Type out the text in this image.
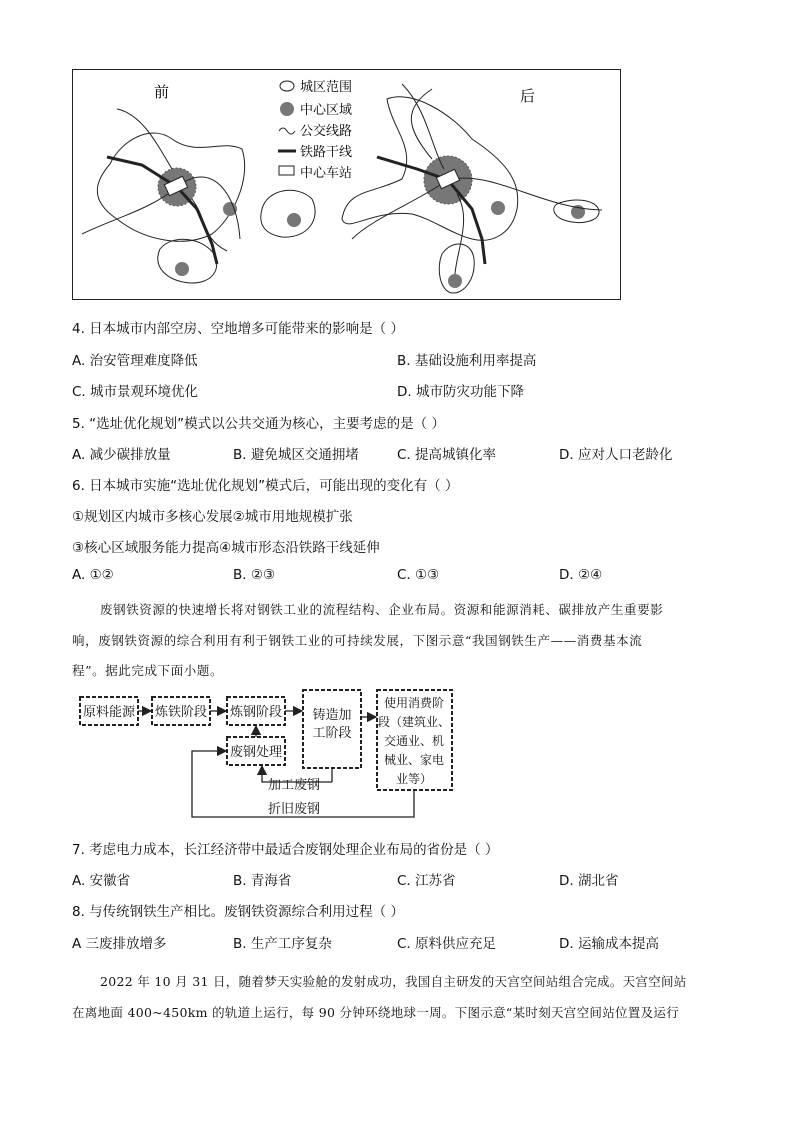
前	后
城区范围
中心区域
公交线路
铁路干线
中心车站
4. 日本城市内部空房、空地增多可能带来的影响是（ ）
A. 治安管理难度降低	B. 基础设施利用率提高
C. 城市景观环境优化	D. 城市防灾功能下降
5. “选址优化规划”模式以公共交通为核心，主要考虑的是（ ）
A. 减少碳排放量	B. 避免城区交通拥堵	C. 提高城镇化率	D. 应对人口老龄化
6. 日本城市实施“选址优化规划”模式后，可能出现的变化有（ ）
①规划区内城市多核心发展②城市用地规模扩张
③核心区域服务能力提高④城市形态沿铁路干线延伸
A. ①②	B. ②③	C. ①③	D. ②④
废钢铁资源的快速增长将对钢铁工业的流程结构、企业布局。资源和能源消耗、碳排放产生重要影
响，废钢铁资源的综合利用有利于钢铁工业的可持续发展，下图示意“我国钢铁生产——消费基本流
程”。据此完成下面小题。
原料能源 炼铁阶段 炼钢阶段 铸造加
工阶段
使用消费阶
段（建筑业、
交通业、机
械业、家电
业等）
废钢处理
加工废钢
折旧废钢
7. 考虑电力成本，长江经济带中最适合废钢处理企业布局的省份是（ ）
A. 安徽省	B. 青海省	C. 江苏省	D. 湖北省
8. 与传统钢铁生产相比。废钢铁资源综合利用过程（ ）
A 三废排放增多	B. 生产工序复杂	C. 原料供应充足	D. 运输成本提高
2022 年 10 月 31 日，随着梦天实验舱的发射成功，我国自主研发的天宫空间站组合完成。天宫空间站
在离地面 400~450km 的轨道上运行，每 90 分钟环绕地球一周。下图示意“某时刻天宫空间站位置及运行
